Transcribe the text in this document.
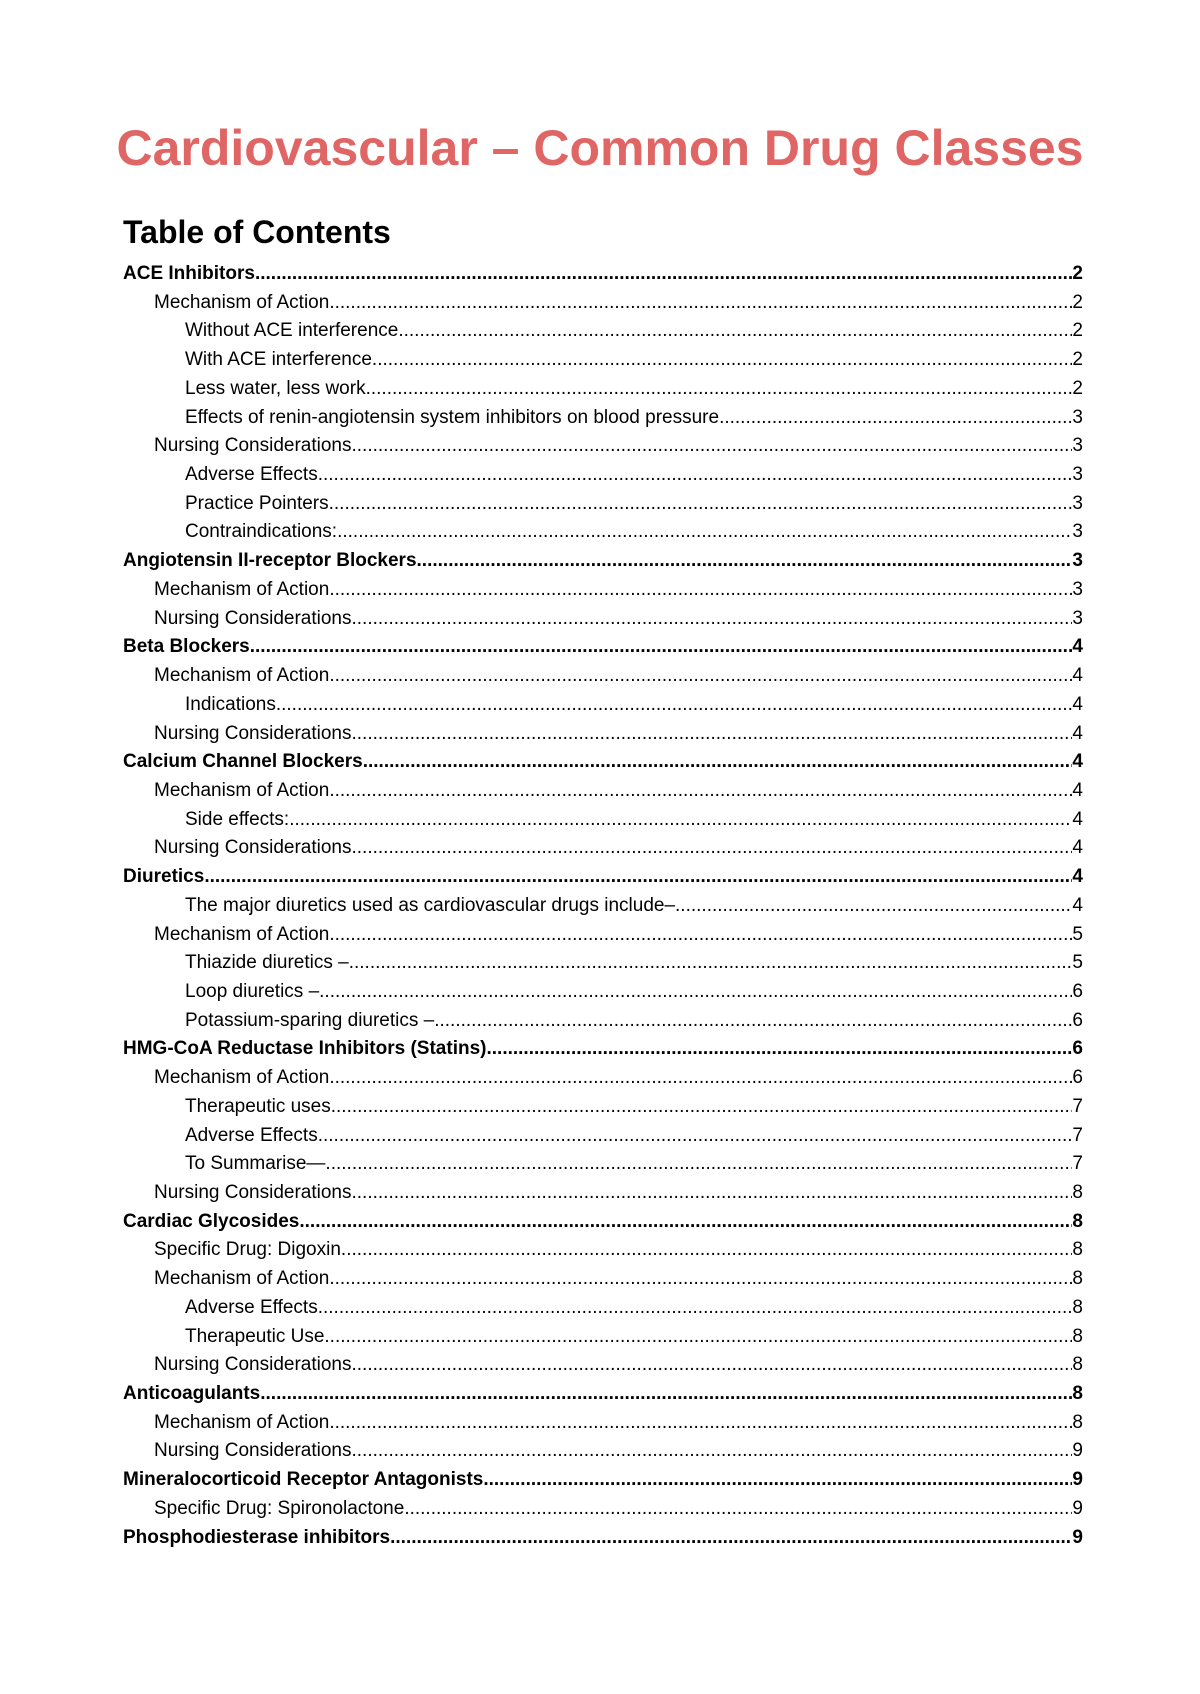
Cardiovascular – Common Drug Classes
Table of Contents
ACE Inhibitors .....	2
Mechanism of Action .....	2
Without ACE interference .....	2
With ACE interference .....	2
Less water, less work .....	2
Effects of renin-angiotensin system inhibitors on blood pressure .....	3
Nursing Considerations .....	3
Adverse Effects .....	3
Practice Pointers .....	3
Contraindications: .....	3
Angiotensin II-receptor Blockers .....	3
Mechanism of Action .....	3
Nursing Considerations .....	3
Beta Blockers .....	4
Mechanism of Action .....	4
Indications .....	4
Nursing Considerations .....	4
Calcium Channel Blockers .....	4
Mechanism of Action .....	4
Side effects: .....	4
Nursing Considerations .....	4
Diuretics .....	4
The major diuretics used as cardiovascular drugs include– .....	4
Mechanism of Action .....	5
Thiazide diuretics – .....	5
Loop diuretics – .....	6
Potassium-sparing diuretics – .....	6
HMG-CoA Reductase Inhibitors (Statins) .....	6
Mechanism of Action .....	6
Therapeutic uses .....	7
Adverse Effects .....	7
To Summarise— .....	7
Nursing Considerations .....	8
Cardiac Glycosides .....	8
Specific Drug: Digoxin .....	8
Mechanism of Action .....	8
Adverse Effects .....	8
Therapeutic Use .....	8
Nursing Considerations .....	8
Anticoagulants .....	8
Mechanism of Action .....	8
Nursing Considerations .....	9
Mineralocorticoid Receptor Antagonists .....	9
Specific Drug: Spironolactone .....	9
Phosphodiesterase inhibitors .....	9
